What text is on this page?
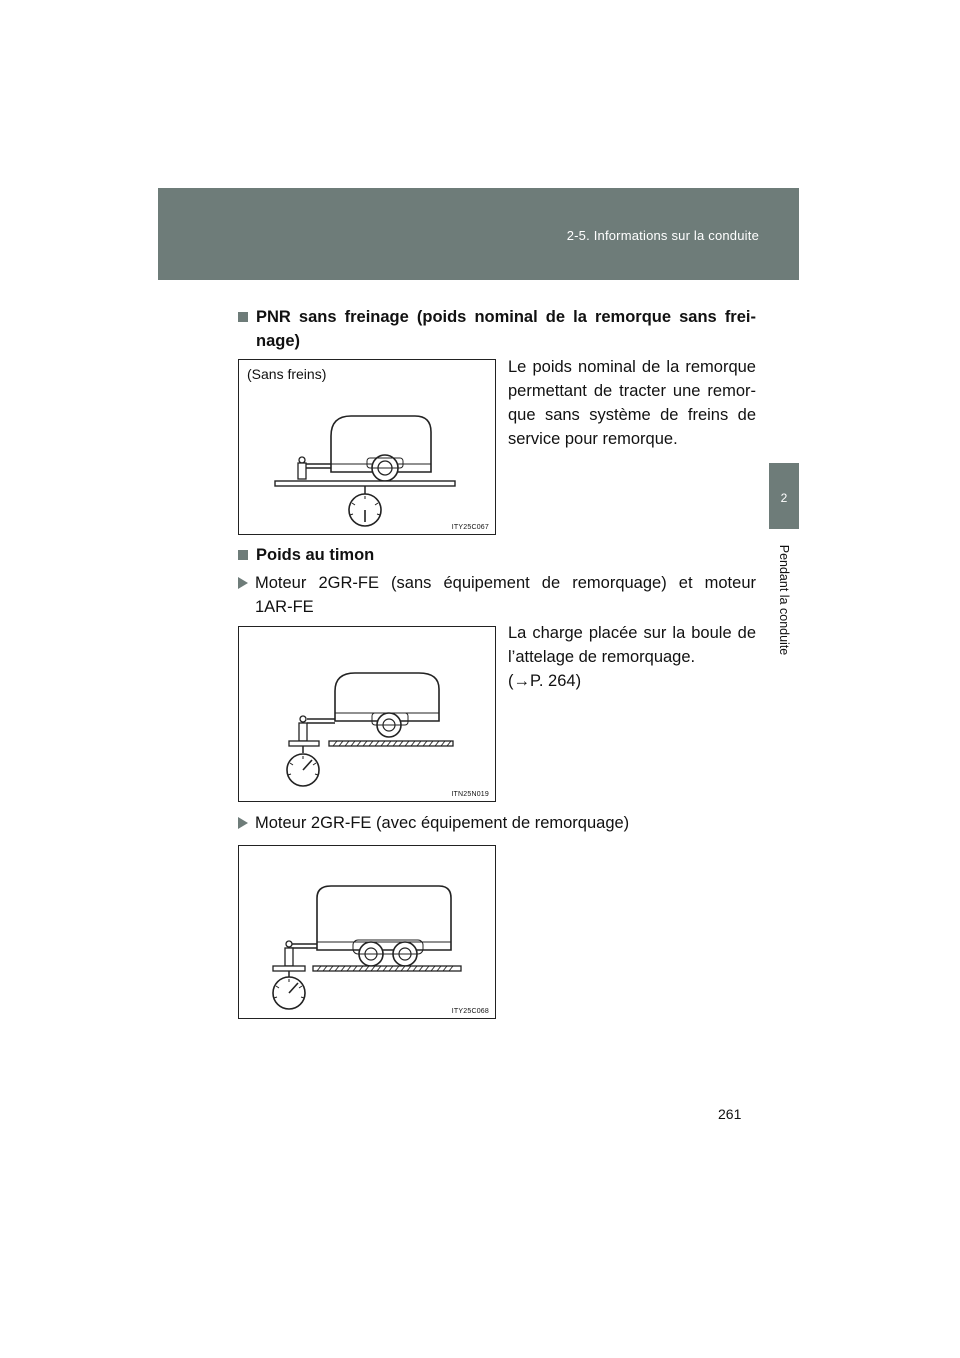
2-5. Informations sur la conduite
2
Pendant la conduite
PNR sans freinage (poids nominal de la remorque sans frei-
nage)
Le poids nominal de la remorque
permettant de tracter une remor-
que sans système de freins de
service pour remorque.
(Sans freins)
ITY25C067
Poids au timon
Moteur 2GR-FE (sans équipement de remorquage) et moteur
1AR-FE
La charge placée sur la boule de
l’attelage de remorquage.
(→P. 264)
ITN25N019
Moteur 2GR-FE (avec équipement de remorquage)
ITY25C068
261
